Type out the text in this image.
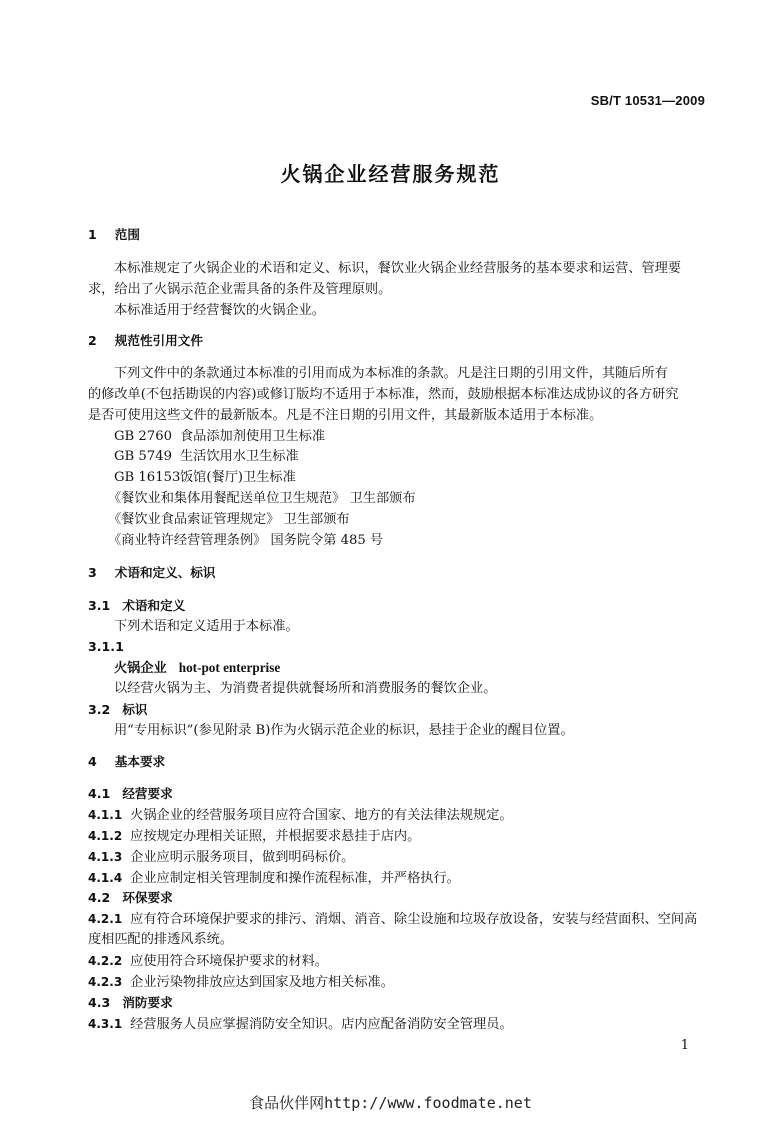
SB/T 10531—2009
火锅企业经营服务规范
1 范围
本标准规定了火锅企业的术语和定义、标识，餐饮业火锅企业经营服务的基本要求和运营、管理要
求，给出了火锅示范企业需具备的条件及管理原则。
本标准适用于经营餐饮的火锅企业。
2 规范性引用文件
下列文件中的条款通过本标准的引用而成为本标准的条款。凡是注日期的引用文件，其随后所有
的修改单(不包括勘误的内容)或修订版均不适用于本标准，然而，鼓励根据本标准达成协议的各方研究
是否可使用这些文件的最新版本。凡是不注日期的引用文件，其最新版本适用于本标准。
GB 2760 食品添加剂使用卫生标准
GB 5749 生活饮用水卫生标准
GB 16153饭馆(餐厅)卫生标准
《餐饮业和集体用餐配送单位卫生规范》 卫生部颁布
《餐饮业食品索证管理规定》 卫生部颁布
《商业特许经营管理条例》 国务院令第 485 号
3 术语和定义、标识
3.1 术语和定义
下列术语和定义适用于本标准。
3.1.1
火锅企业 hot-pot enterprise
以经营火锅为主、为消费者提供就餐场所和消费服务的餐饮企业。
3.2 标识
用“专用标识”(参见附录 B)作为火锅示范企业的标识，悬挂于企业的醒目位置。
4 基本要求
4.1 经营要求
4.1.1 火锅企业的经营服务项目应符合国家、地方的有关法律法规规定。
4.1.2 应按规定办理相关证照，并根据要求悬挂于店内。
4.1.3 企业应明示服务项目，做到明码标价。
4.1.4 企业应制定相关管理制度和操作流程标准，并严格执行。
4.2 环保要求
4.2.1 应有符合环境保护要求的排污、消烟、消音、除尘设施和垃圾存放设备，安装与经营面积、空间高
度相匹配的排透风系统。
4.2.2 应使用符合环境保护要求的材料。
4.2.3 企业污染物排放应达到国家及地方相关标准。
4.3 消防要求
4.3.1 经营服务人员应掌握消防安全知识。店内应配备消防安全管理员。
1
食品伙伴网http://www.foodmate.net
